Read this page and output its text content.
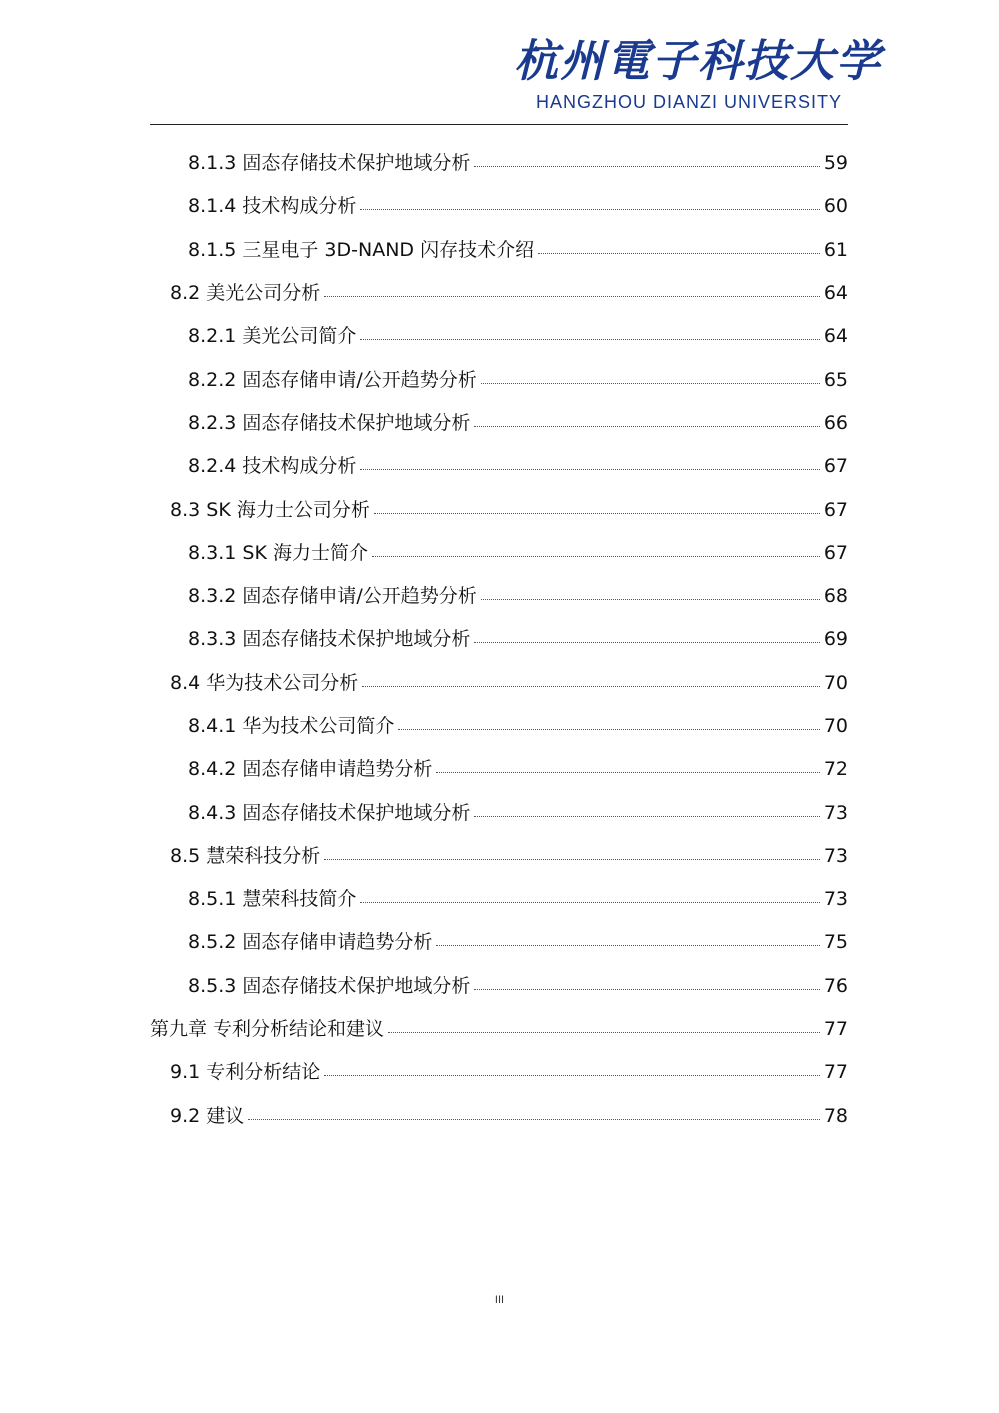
杭州電子科技大学
HANGZHOU DIANZI UNIVERSITY
8.1.3 固态存储技术保护地域分析	59
8.1.4 技术构成分析	60
8.1.5 三星电子 3D-NAND 闪存技术介绍	61
8.2 美光公司分析	64
8.2.1 美光公司简介	64
8.2.2 固态存储申请/公开趋势分析	65
8.2.3 固态存储技术保护地域分析	66
8.2.4 技术构成分析	67
8.3 SK 海力士公司分析	67
8.3.1 SK 海力士简介	67
8.3.2 固态存储申请/公开趋势分析	68
8.3.3 固态存储技术保护地域分析	69
8.4 华为技术公司分析	70
8.4.1 华为技术公司简介	70
8.4.2 固态存储申请趋势分析	72
8.4.3 固态存储技术保护地域分析	73
8.5 慧荣科技分析	73
8.5.1 慧荣科技简介	73
8.5.2 固态存储申请趋势分析	75
8.5.3 固态存储技术保护地域分析	76
第九章 专利分析结论和建议	77
9.1 专利分析结论	77
9.2 建议	78
III
